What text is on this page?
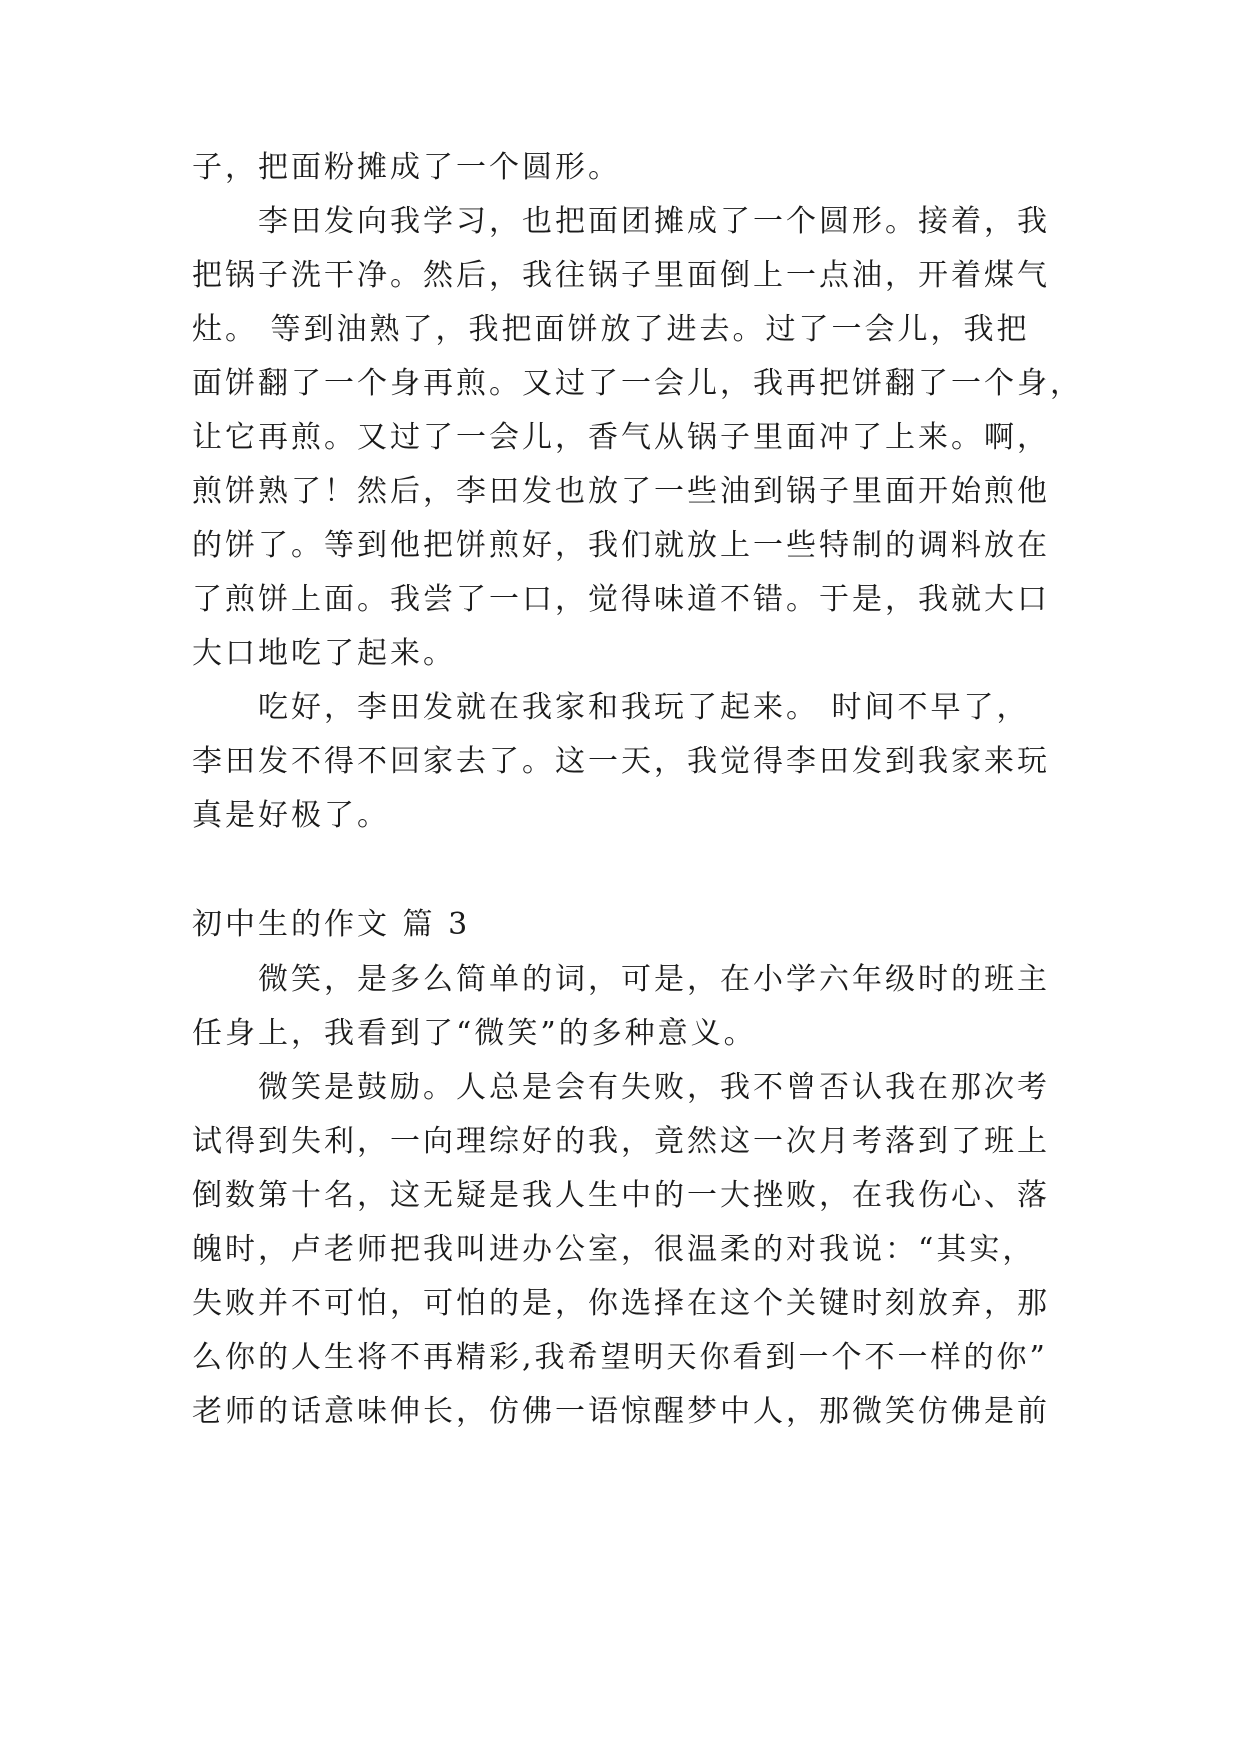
子，把面粉摊成了一个圆形。
李田发向我学习，也把面团摊成了一个圆形。接着，我
把锅子洗干净。然后，我往锅子里面倒上一点油，开着煤气
灶。 等到油熟了，我把面饼放了进去。过了一会儿，我把
面饼翻了一个身再煎。又过了一会儿，我再把饼翻了一个身，
让它再煎。又过了一会儿，香气从锅子里面冲了上来。啊，
煎饼熟了！然后，李田发也放了一些油到锅子里面开始煎他
的饼了。等到他把饼煎好，我们就放上一些特制的调料放在
了煎饼上面。我尝了一口，觉得味道不错。于是，我就大口
大口地吃了起来。
吃好，李田发就在我家和我玩了起来。 时间不早了，
李田发不得不回家去了。这一天，我觉得李田发到我家来玩
真是好极了。
初中生的作文 篇 3
微笑，是多么简单的词，可是，在小学六年级时的班主
任身上，我看到了“微笑”的多种意义。
微笑是鼓励。人总是会有失败，我不曾否认我在那次考
试得到失利，一向理综好的我，竟然这一次月考落到了班上
倒数第十名，这无疑是我人生中的一大挫败，在我伤心、落
魄时，卢老师把我叫进办公室，很温柔的对我说：“其实，
失败并不可怕，可怕的是，你选择在这个关键时刻放弃，那
么你的人生将不再精彩,我希望明天你看到一个不一样的你”
老师的话意味伸长，仿佛一语惊醒梦中人，那微笑仿佛是前
